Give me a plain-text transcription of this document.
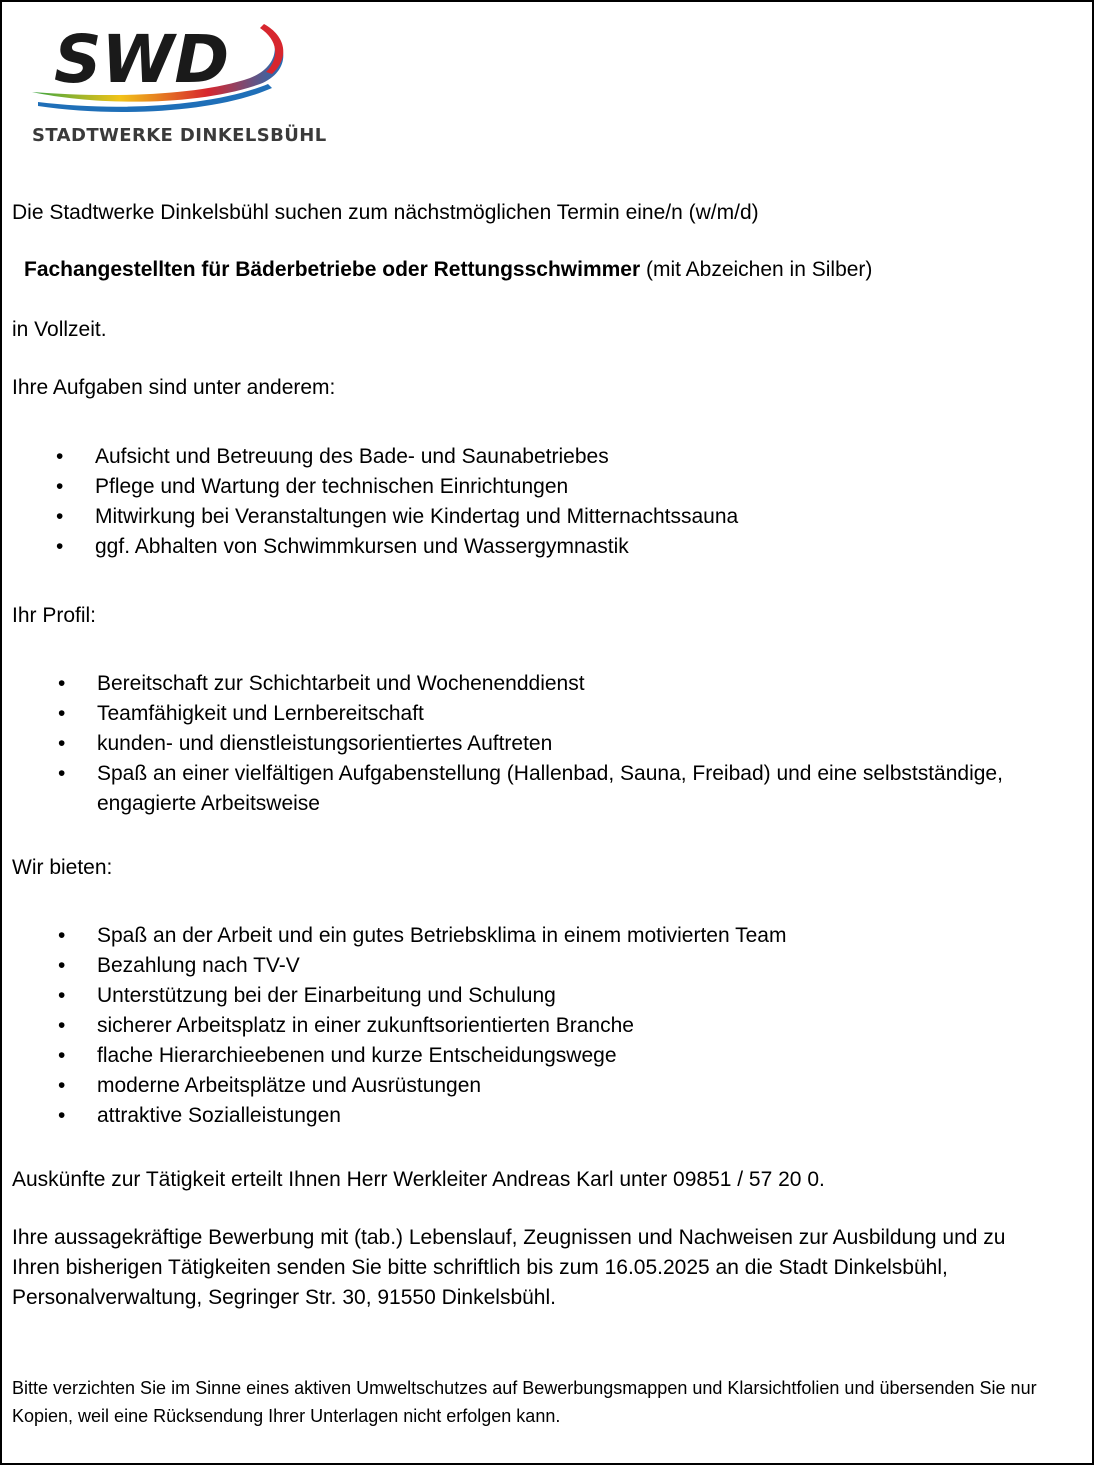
SWD
STADTWERKE DINKELSBÜHL
Die Stadtwerke Dinkelsbühl suchen zum nächstmöglichen Termin eine/n (w/m/d)
Fachangestellten für Bäderbetriebe oder Rettungsschwimmer (mit Abzeichen in Silber)
in Vollzeit.
Ihre Aufgaben sind unter anderem:
• Aufsicht und Betreuung des Bade- und Saunabetriebes
• Pflege und Wartung der technischen Einrichtungen
• Mitwirkung bei Veranstaltungen wie Kindertag und Mitternachtssauna
• ggf. Abhalten von Schwimmkursen und Wassergymnastik
Ihr Profil:
• Bereitschaft zur Schichtarbeit und Wochenenddienst
• Teamfähigkeit und Lernbereitschaft
• kunden- und dienstleistungsorientiertes Auftreten
• Spaß an einer vielfältigen Aufgabenstellung (Hallenbad, Sauna, Freibad) und eine selbstständige, engagierte Arbeitsweise
Wir bieten:
• Spaß an der Arbeit und ein gutes Betriebsklima in einem motivierten Team
• Bezahlung nach TV-V
• Unterstützung bei der Einarbeitung und Schulung
• sicherer Arbeitsplatz in einer zukunftsorientierten Branche
• flache Hierarchieebenen und kurze Entscheidungswege
• moderne Arbeitsplätze und Ausrüstungen
• attraktive Sozialleistungen
Auskünfte zur Tätigkeit erteilt Ihnen Herr Werkleiter Andreas Karl unter 09851 / 57 20 0.
Ihre aussagekräftige Bewerbung mit (tab.) Lebenslauf, Zeugnissen und Nachweisen zur Ausbildung und zu Ihren bisherigen Tätigkeiten senden Sie bitte schriftlich bis zum 16.05.2025 an die Stadt Dinkelsbühl, Personalverwaltung, Segringer Str. 30, 91550 Dinkelsbühl.
Bitte verzichten Sie im Sinne eines aktiven Umweltschutzes auf Bewerbungsmappen und Klarsichtfolien und übersenden Sie nur Kopien, weil eine Rücksendung Ihrer Unterlagen nicht erfolgen kann.
